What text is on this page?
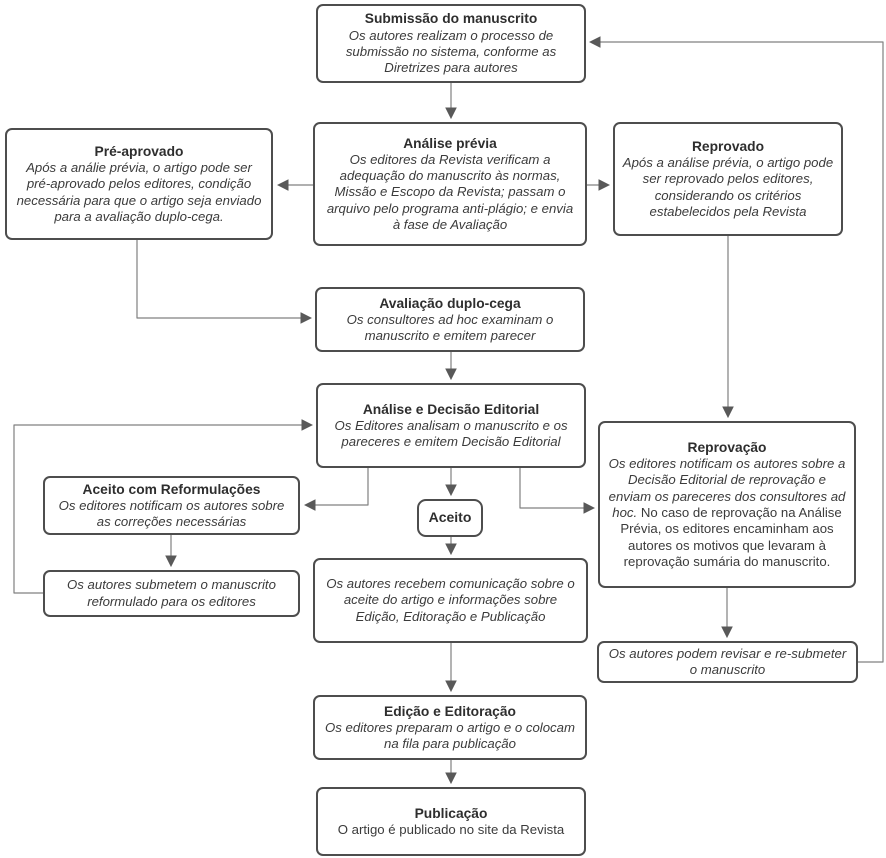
Submissão do manuscrito
Os autores realizam o processo de submissão no sistema, conforme as Diretrizes para autores
Análise prévia
Os editores da Revista verificam a adequação do manuscrito às normas, Missão e Escopo da Revista; passam o arquivo pelo programa anti-plágio; e envia à fase de Avaliação
Pré-aprovado
Após a análie prévia, o artigo pode ser pré-aprovado pelos editores, condição necessária para que o artigo seja enviado para a avaliação duplo-cega.
Reprovado
Após a análise prévia, o artigo pode ser reprovado pelos editores, considerando os critérios estabelecidos pela Revista
Avaliação duplo-cega
Os consultores ad hoc examinam o manuscrito e emitem parecer
Análise e Decisão Editorial
Os Editores analisam o manuscrito e os pareceres e emitem Decisão Editorial
Aceito com Reformulações
Os editores notificam os autores sobre as correções necessárias
Os autores submetem o manuscrito reformulado para os editores
Aceito
Os autores recebem comunicação sobre o aceite do artigo e informações sobre Edição, Editoração e Publicação
Reprovação
Os editores notificam os autores sobre a Decisão Editorial de reprovação e enviam os pareceres dos consultores ad hoc. No caso de reprovação na Análise Prévia, os editores encaminham aos autores os motivos que levaram à reprovação sumária do manuscrito.
Os autores podem revisar e re-submeter o manuscrito
Edição e Editoração
Os editores preparam o artigo e o colocam na fila para publicação
Publicação
O artigo é publicado no site da Revista
